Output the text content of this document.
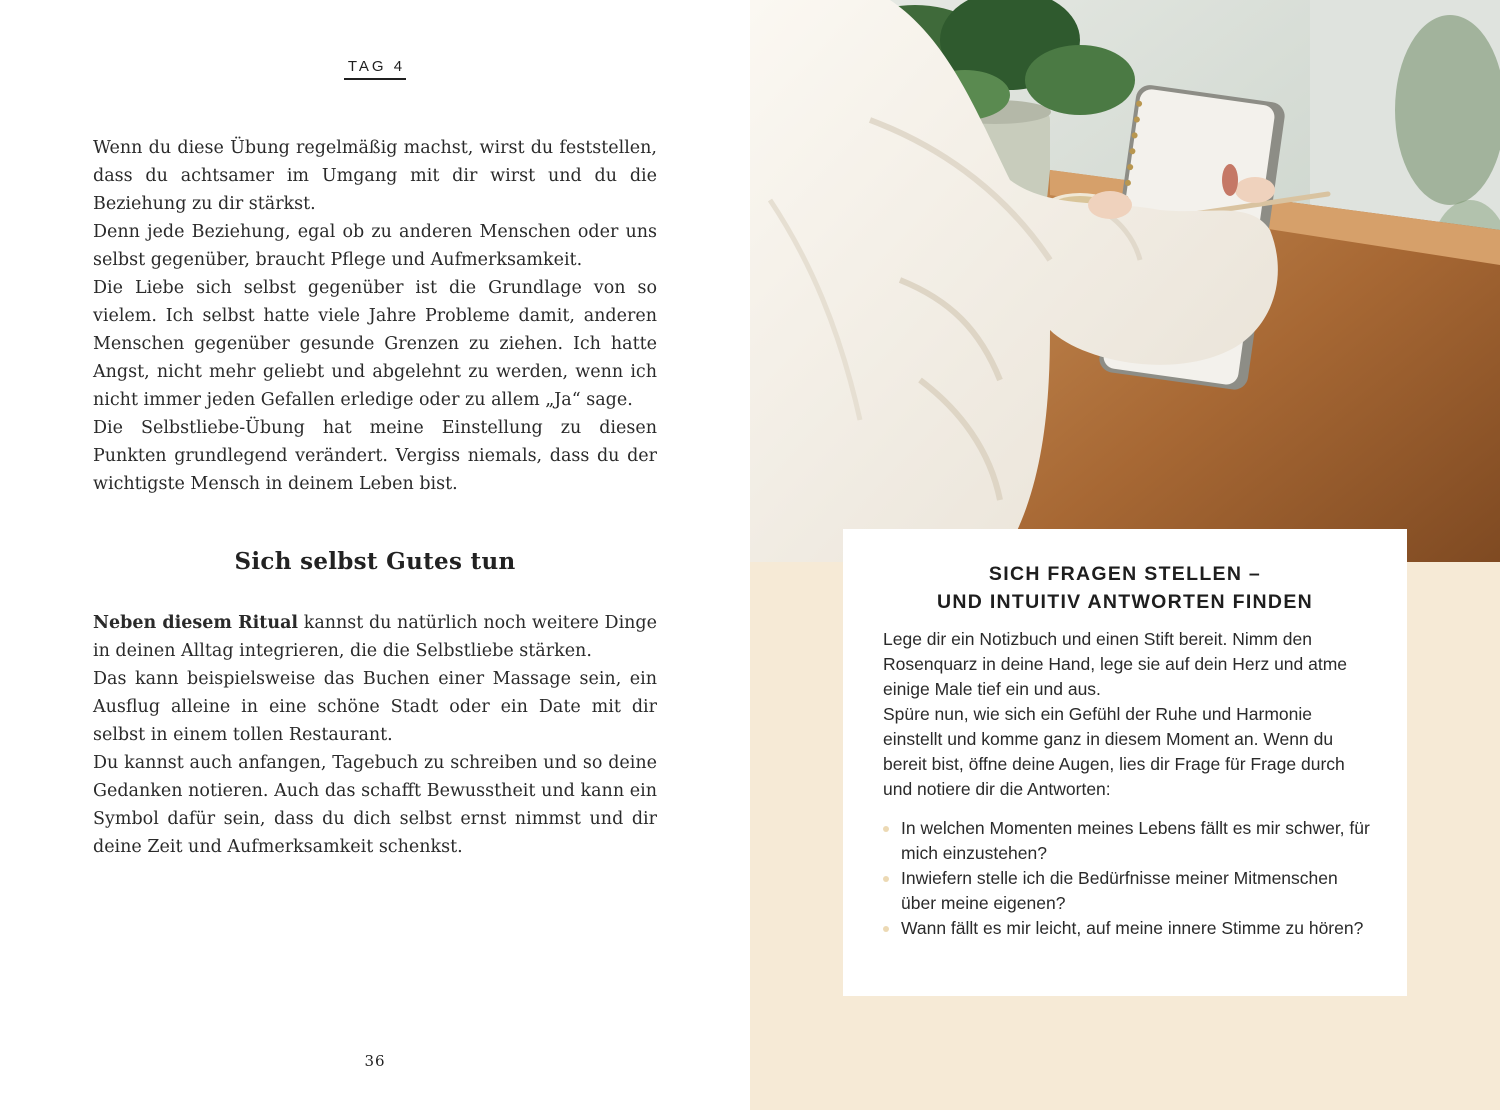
TAG 4

Wenn du diese Übung regelmäßig machst, wirst du feststellen, dass du achtsamer im Umgang mit dir wirst und du die Beziehung zu dir stärkst.

Denn jede Beziehung, egal ob zu anderen Menschen oder uns selbst gegenüber, braucht Pflege und Aufmerksamkeit.

Die Liebe sich selbst gegenüber ist die Grundlage von so vielem. Ich selbst hatte viele Jahre Probleme damit, anderen Menschen gegenüber gesunde Grenzen zu ziehen. Ich hatte Angst, nicht mehr geliebt und abgelehnt zu werden, wenn ich nicht immer jeden Gefallen erledige oder zu allem „Ja“ sage.

Die Selbstliebe-Übung hat meine Einstellung zu diesen Punkten grundlegend verändert. Vergiss niemals, dass du der wichtigste Mensch in deinem Leben bist.

Sich selbst Gutes tun

Neben diesem Ritual kannst du natürlich noch weitere Dinge in deinen Alltag integrieren, die die Selbstliebe stärken.

Das kann beispielsweise das Buchen einer Massage sein, ein Ausflug alleine in eine schöne Stadt oder ein Date mit dir selbst in einem tollen Restaurant.

Du kannst auch anfangen, Tagebuch zu schreiben und so deine Gedanken notieren. Auch das schafft Bewusstheit und kann ein Symbol dafür sein, dass du dich selbst ernst nimmst und dir deine Zeit und Aufmerksamkeit schenkst.

36
SICH FRAGEN STELLEN –
UND INTUITIV ANTWORTEN FINDEN

Lege dir ein Notizbuch und einen Stift bereit. Nimm den Rosenquarz in deine Hand, lege sie auf dein Herz und atme einige Male tief ein und aus.

Spüre nun, wie sich ein Gefühl der Ruhe und Harmonie einstellt und komme ganz in diesem Moment an. Wenn du bereit bist, öffne deine Augen, lies dir Frage für Frage durch und notiere dir die Antworten:

In welchen Momenten meines Lebens fällt es mir schwer, für mich einzustehen?
Inwiefern stelle ich die Bedürfnisse meiner Mitmenschen über meine eigenen?
Wann fällt es mir leicht, auf meine innere Stimme zu hören?
